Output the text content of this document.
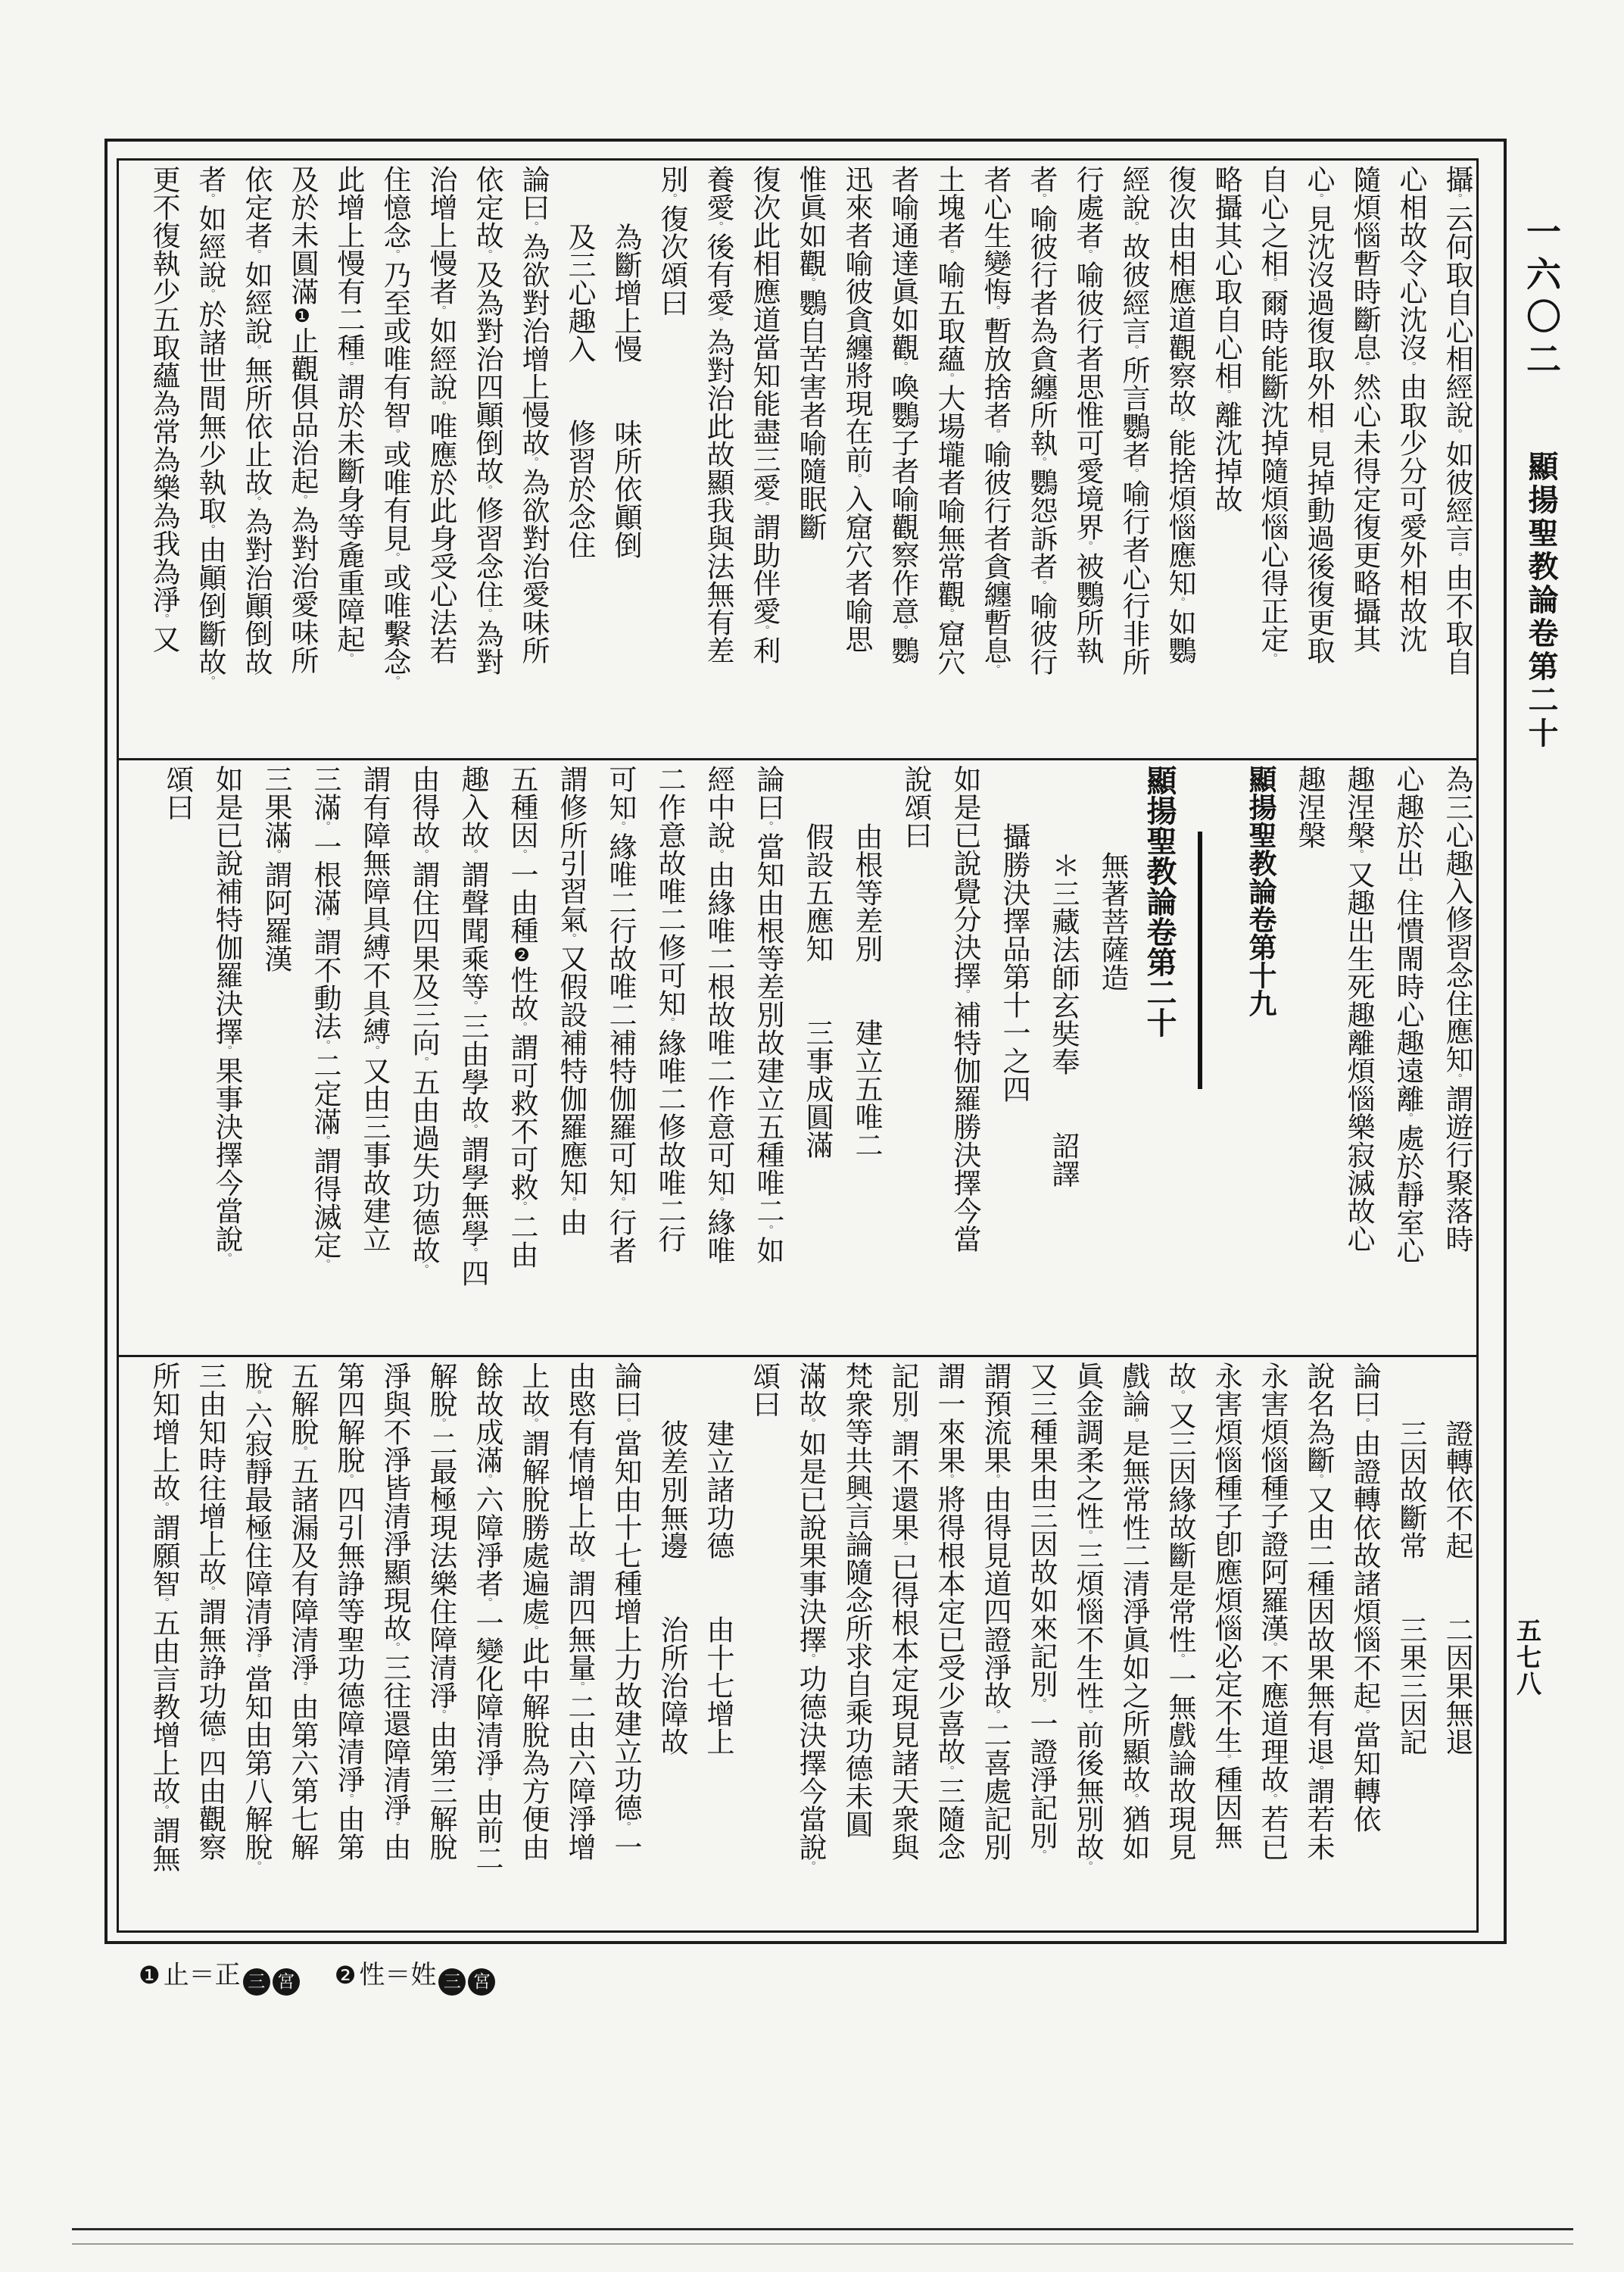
攝。云何取自心相經說。如彼經言。由不取自
心相故令心沈沒。由取少分可愛外相故沈
隨煩惱暫時斷息。然心未得定復更略攝其
心。見沈沒過復取外相。見掉動過後復更取
自心之相。爾時能斷沈掉隨煩惱心得正定。
略攝其心取自心相。離沈掉故
復次由相應道觀察故。能捨煩惱應知。如鸚
經說。故彼經言。所言鸚者。喻行者心行非所
行處者。喻彼行者思惟可愛境界。被鸚所執
者。喻彼行者為貪纏所執。鸚怨訴者。喻彼行
者心生變悔。暫放捨者。喻彼行者貪纏暫息。
土塊者。喻五取蘊。大場壠者喻無常觀。窟穴
者喻通達眞如觀。喚鸚子者喻觀察作意。鸚
迅來者喻彼貪纏將現在前。入窟穴者喻思
惟眞如觀。鸚自苦害者喻隨眠斷
復次此相應道當知能盡三愛。謂助伴愛。利
養愛。後有愛。為對治此故顯我與法無有差
別。復次頌曰
為斷增上慢　　味所依顚倒
及三心趣入　　修習於念住
論曰。為欲對治增上慢故。為欲對治愛味所
依定故。及為對治四顚倒故。修習念住。為對
治增上慢者。如經說。唯應於此身受心法若
住憶念。乃至或唯有智。或唯有見。或唯繫念。
此增上慢有二種。謂於未斷身等麁重障起。
及於未圓滿❶止觀俱品治起。為對治愛味所
依定者。如經說。無所依止故。為對治顚倒故
者。如經說。於諸世間無少執取。由顚倒斷故。
更不復執少五取蘊為常為樂為我為淨。又
為三心趣入修習念住應知。謂遊行聚落時
心趣於出。住憒閙時心趣遠離。處於靜室心
趣涅槃。又趣出生死趣離煩惱樂寂滅故心
趣涅槃
顯揚聖教論卷第十九
顯揚聖教論卷第二十
無著菩薩造
＊三藏法師玄奘奉　　詔譯
攝勝決擇品第十一之四
如是已說覺分決擇。補特伽羅勝決擇今當
說頌曰
由根等差別　　建立五唯二
假設五應知　　三事成圓滿
論曰。當知由根等差別故建立五種唯二。如
經中說。由緣唯二根故唯二作意可知。緣唯
二作意故唯二修可知。緣唯二修故唯二行
可知。緣唯二行故唯二補特伽羅可知。行者
謂修所引習氣。又假設補特伽羅應知。由
五種因。一由種❷性故。謂可救不可救。二由
趣入故。謂聲聞乘等。三由學故。謂學無學。四
由得故。謂住四果及三向。五由過失功德故。
謂有障無障具縛不具縛。又由三事故建立
三滿。一根滿。謂不動法。二定滿。謂得滅定。
三果滿。謂阿羅漢
如是已說補特伽羅決擇。果事決擇今當說。
頌曰
證轉依不起　　二因果無退
三因故斷常　　三果三因記
論曰。由證轉依故諸煩惱不起。當知轉依
說名為斷。又由二種因故果無有退。謂若未
永害煩惱種子證阿羅漢。不應道理故。若已
永害煩惱種子卽應煩惱必定不生。種因無
故。又三因緣故斷是常性。一無戲論故現見
戲論。是無常性二清淨眞如之所顯故。猶如
眞金調柔之性。三煩惱不生性。前後無別故。
又三種果由三因故如來記別。一證淨記別。
謂預流果。由得見道四證淨故。二喜處記別
謂一來果。將得根本定已受少喜故。三隨念
記別。謂不還果。已得根本定現見諸天衆與
梵衆等共興言論隨念所求自乘功德未圓
滿故。如是已說果事決擇。功德決擇今當說。
頌曰
建立諸功德　　由十七增上
彼差別無邊　　治所治障故
論曰。當知由十七種增上力故建立功德。一
由愍有情增上故。謂四無量。二由六障淨增
上故。謂解脫勝處遍處。此中解脫為方便由
餘故成滿。六障淨者。一變化障清淨。由前二
解脫。二最極現法樂住障清淨。由第三解脫
淨與不淨皆清淨顯現故。三往還障清淨。由
第四解脫。四引無諍等聖功德障清淨。由第
五解脫。五諸漏及有障清淨。由第六第七解
脫。六寂靜最極住障清淨。當知由第八解脫。
三由知時往增上故。謂無諍功德。四由觀察
所知增上故。謂願智。五由言教增上故。謂無
一六〇二 顯揚聖教論卷第二十
五七八
❶ 止＝正 三 宮 ❷ 性＝姓 三 宮
